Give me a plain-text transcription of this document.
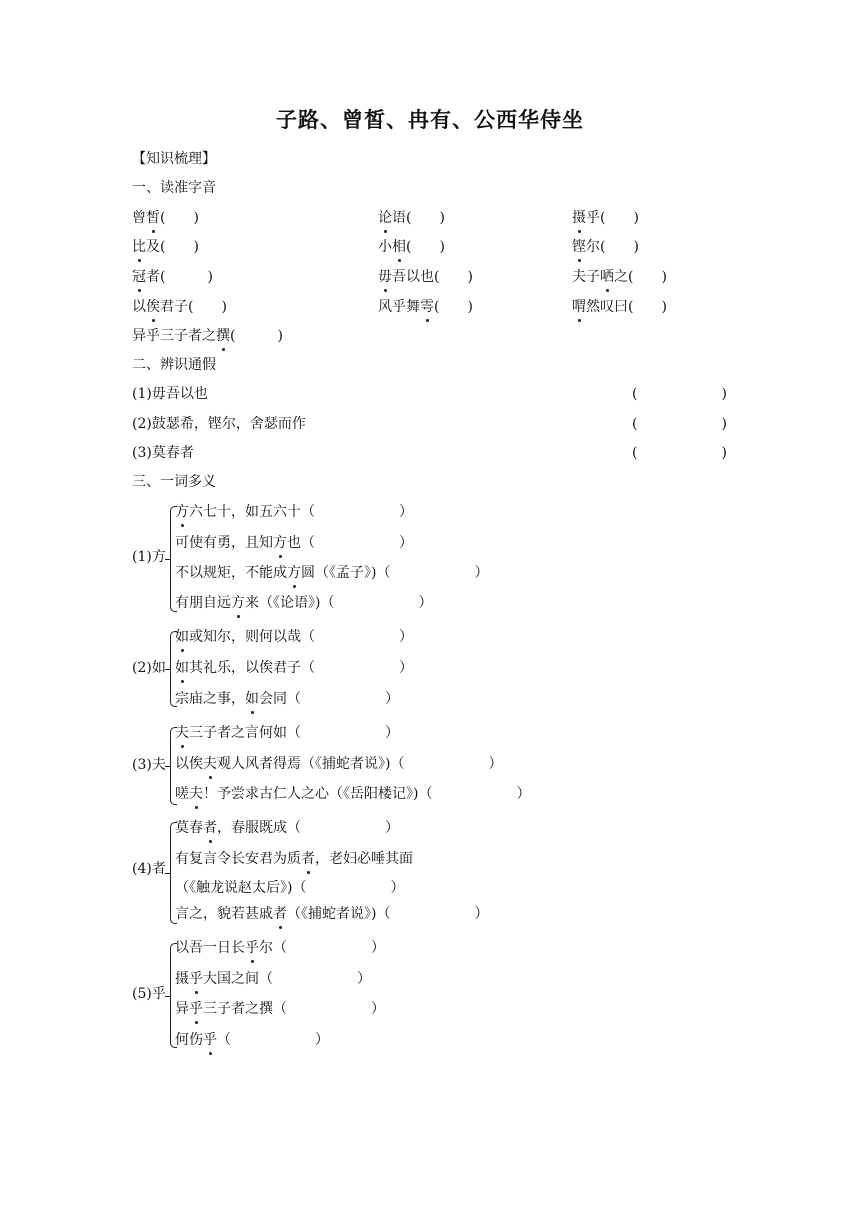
子路、曾皙、冉有、公西华侍坐
【知识梳理】
一、读准字音
曾皙(　　)	论语(　　)	摄乎(　　)
比及(　　)	小相(　　)	铿尔(　　)
冠者(　　　)	毋吾以也(　　)	夫子哂之(　　)
以俟君子(　　)	风乎舞雩(　　)	喟然叹曰(　　)
异乎三子者之撰(　　　)
二、辨识通假
(1)毋吾以也	(　　　　　　)
(2)鼓瑟希，铿尔，舍瑟而作	(　　　　　　)
(3)莫春者	(　　　　　　)
三、一词多义
(1)方
方六七十，如五六十（　　　　　　）
可使有勇，且知方也（　　　　　　）
不以规矩，不能成方圆（《孟子》)（　　　　　　）
有朋自远方来（《论语》)（　　　　　　）
(2)如
如或知尔，则何以哉（　　　　　　）
如其礼乐，以俟君子（　　　　　　）
宗庙之事，如会同（　　　　　　）
(3)夫
夫三子者之言何如（　　　　　　）
以俟夫观人风者得焉（《捕蛇者说》)（　　　　　　）
嗟夫！予尝求古仁人之心（《岳阳楼记》)（　　　　　　）
(4)者
莫春者，春服既成（　　　　　　）
有复言令长安君为质者，老妇必唾其面
（《触龙说赵太后》)（　　　　　　）
言之，貌若甚戚者（《捕蛇者说》)（　　　　　　）
(5)乎
以吾一日长乎尔（　　　　　　）
摄乎大国之间（　　　　　　）
异乎三子者之撰（　　　　　　）
何伤乎（　　　　　　）
